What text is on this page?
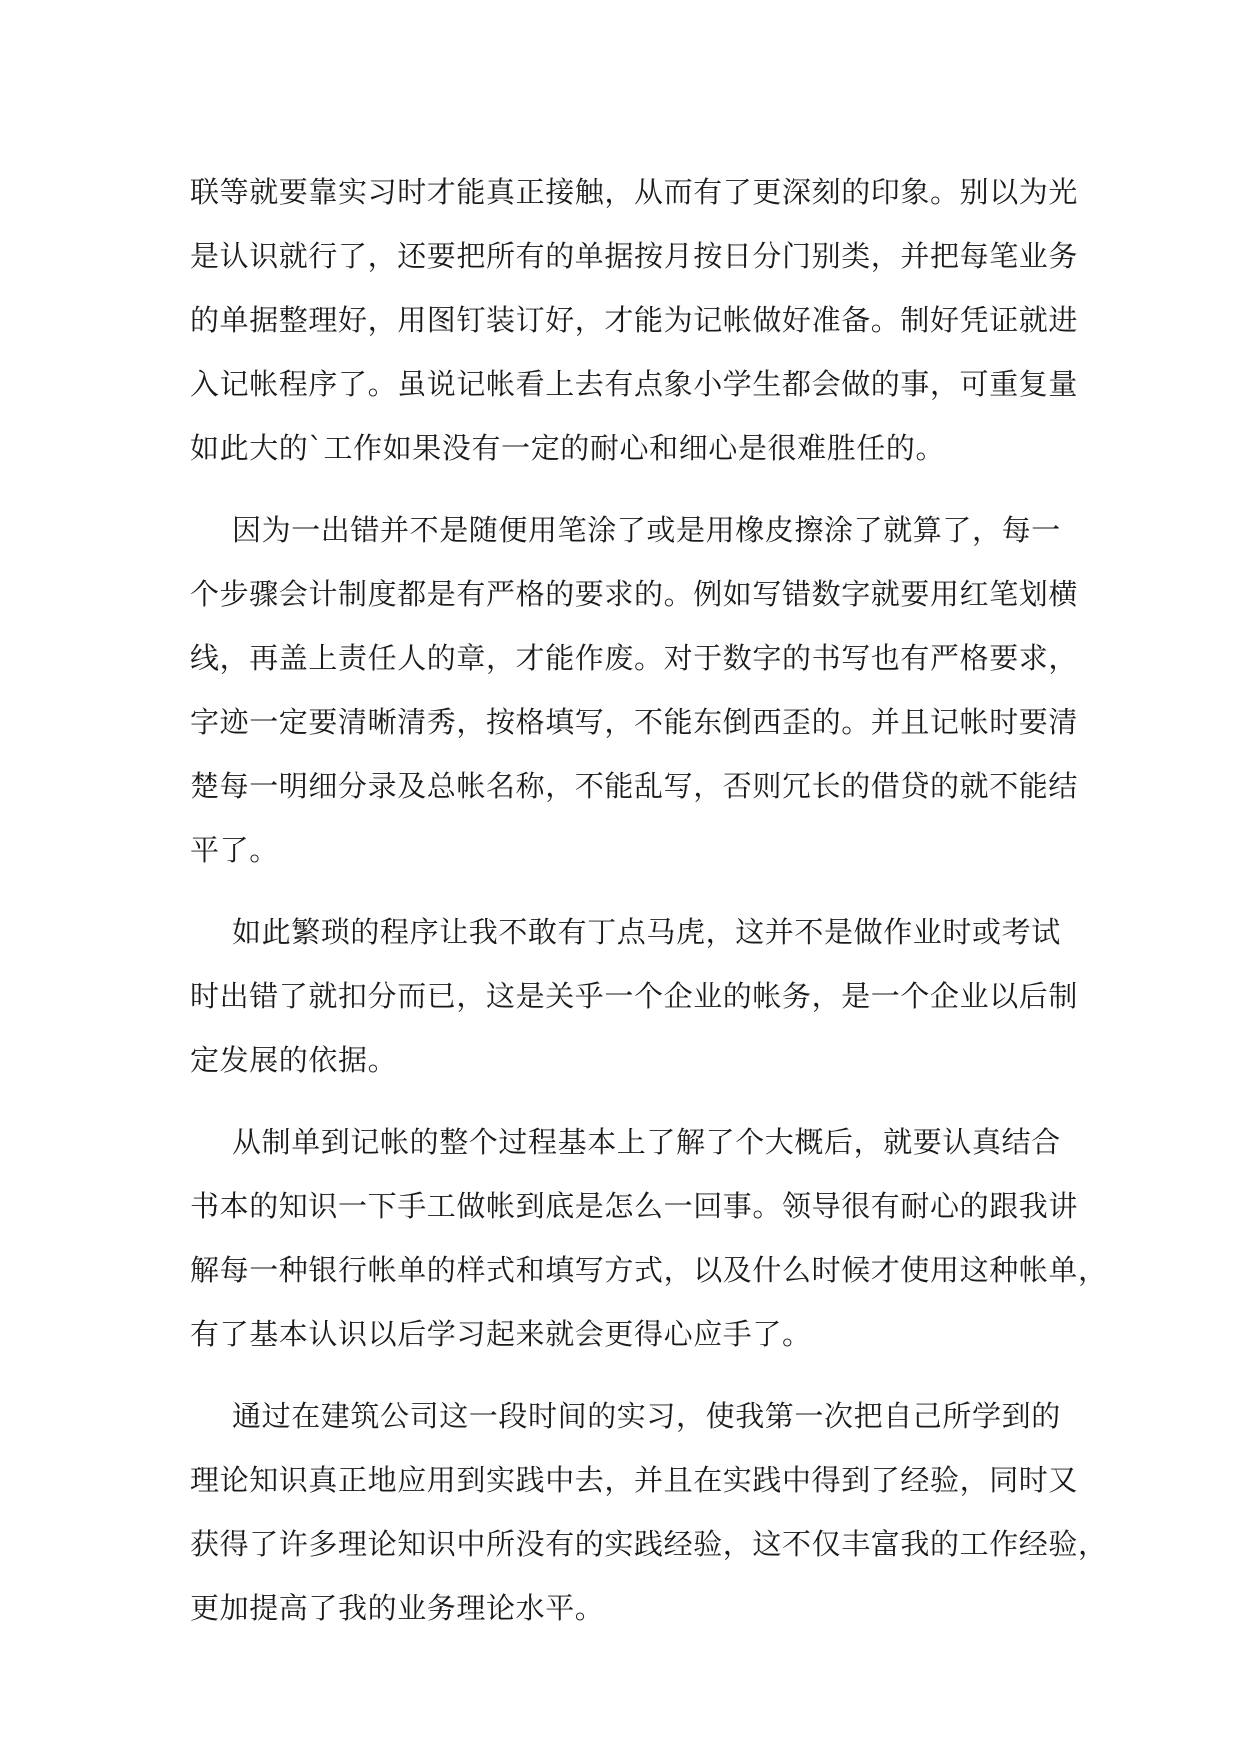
联等就要靠实习时才能真正接触，从而有了更深刻的印象。别以为光
是认识就行了，还要把所有的单据按月按日分门别类，并把每笔业务
的单据整理好，用图钉装订好，才能为记帐做好准备。制好凭证就进
入记帐程序了。虽说记帐看上去有点象小学生都会做的事，可重复量
如此大的`工作如果没有一定的耐心和细心是很难胜任的。
因为一出错并不是随便用笔涂了或是用橡皮擦涂了就算了，每一
个步骤会计制度都是有严格的要求的。例如写错数字就要用红笔划横
线，再盖上责任人的章，才能作废。对于数字的书写也有严格要求，
字迹一定要清晰清秀，按格填写，不能东倒西歪的。并且记帐时要清
楚每一明细分录及总帐名称，不能乱写，否则冗长的借贷的就不能结
平了。
如此繁琐的程序让我不敢有丁点马虎，这并不是做作业时或考试
时出错了就扣分而已，这是关乎一个企业的帐务，是一个企业以后制
定发展的依据。
从制单到记帐的整个过程基本上了解了个大概后，就要认真结合
书本的知识一下手工做帐到底是怎么一回事。领导很有耐心的跟我讲
解每一种银行帐单的样式和填写方式，以及什么时候才使用这种帐单，
有了基本认识以后学习起来就会更得心应手了。
通过在建筑公司这一段时间的实习，使我第一次把自己所学到的
理论知识真正地应用到实践中去，并且在实践中得到了经验，同时又
获得了许多理论知识中所没有的实践经验，这不仅丰富我的工作经验，
更加提高了我的业务理论水平。
